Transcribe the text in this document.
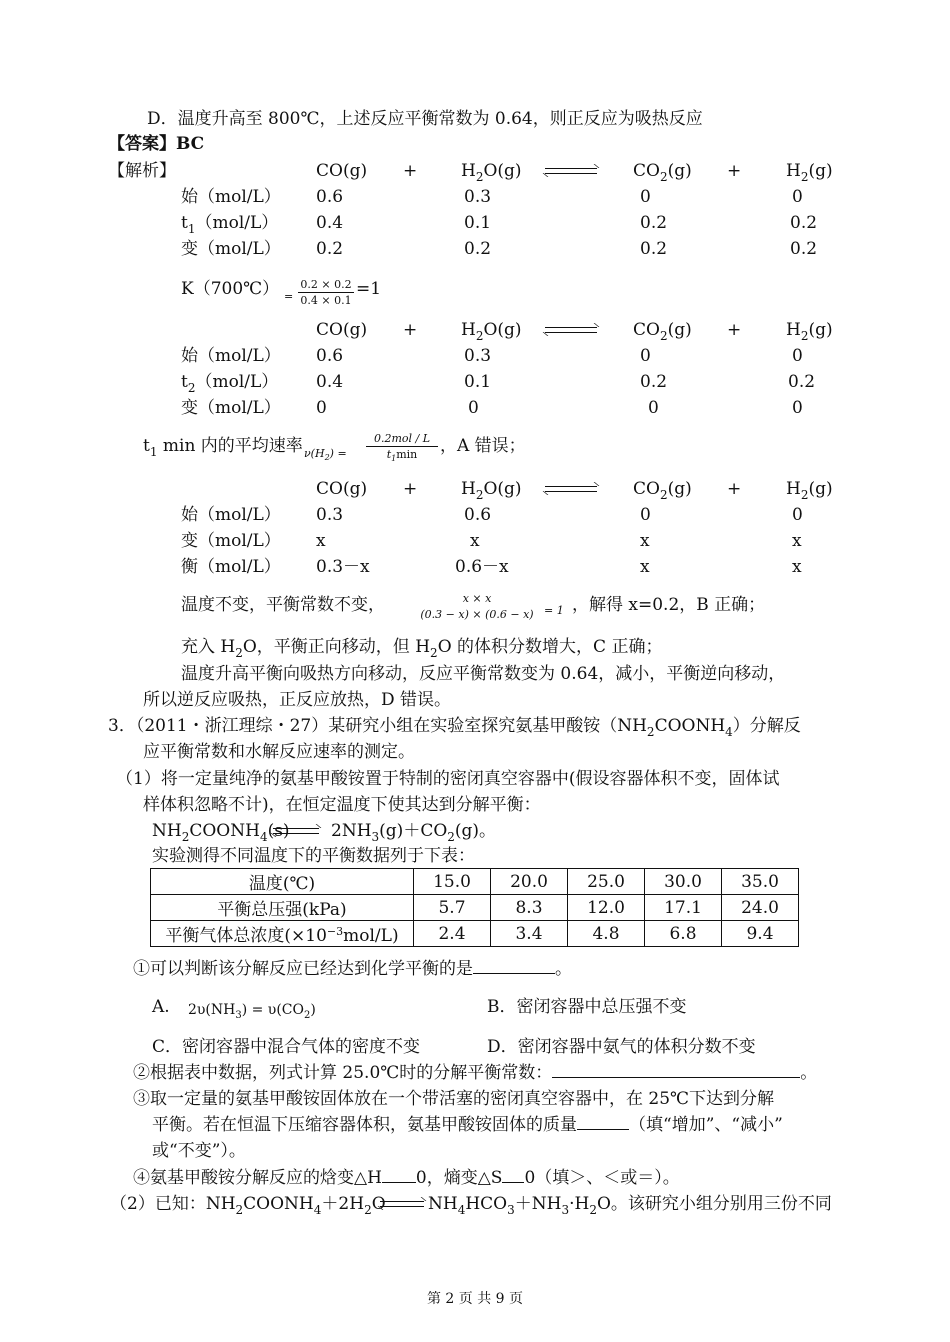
D．温度升高至 800℃，上述反应平衡常数为 0.64，则正反应为吸热反应
【答案】BC
【解析】	CO(g) +	$H_2O(g)$	$CO_2(g)$ +	$H_2(g)$
始（mol/L） 0.6	0.3	0	0
$t_1(mol/L)$ 0.4	0.1	0.2	0.2
变（mol/L） 0.2	0.2	0.2	0.2
K（700℃） =
0.2 × 0.2
0.4 × 0.1
=1
CO(g) +	$H_2O(g)$	$CO_2(g)$ +	$H_2(g)$
始（mol/L） 0.6	0.3	0	0
$t_2(mol/L)$ 0.4	0.1	0.2	0.2
变（mol/L） 0	0	0	0
$t_1$ min 内的平均速率 $\nu(H_2)$ =
0.2mol / L
$t_1\min$	，A 错误；
CO(g) +	$H_2O(g)$	$CO_2(g)$ +	$H_2(g)$
始（mol/L） 0.3	0.6	0	0
变（mol/L） x	x	x	x
衡（mol/L） 0.3－x	0.6－x	x	x
温度不变，平衡常数不变，	x × x
(0.3 − x) × (0.6 − x) = 1 ，解得 x=0.2，B 正确；
充入 $H_2O$，平衡正向移动，但 $H_2O$ 的体积分数增大，C 正确；
温度升高平衡向吸热方向移动，反应平衡常数变为 0.64，减小，平衡逆向移动，
所以逆反应吸热，正反应放热，D 错误。
3．（2011・浙江理综・27）某研究小组在实验室探究氨基甲酸铵$(NH_2COONH_4)$分解反
应平衡常数和水解反应速率的测定。
（1）将一定量纯净的氨基甲酸铵置于特制的密闭真空容器中(假设容器体积不变，固体试
样体积忽略不计)，在恒定温度下使其达到分解平衡：
$NH_2COONH_4(s)$ $2NH_3(g)+CO_2(g)$。
实验测得不同温度下的平衡数据列于下表：
温度(℃)	15.0	20.0	25.0	30.0	35.0
平衡总压强(kPa)	5.7	8.3	12.0	17.1	24.0
平衡气体总浓度$(\times 10^{-3}mol/L)$	2.4	3.4	4.8	6.8	9.4
①可以判断该分解反应已经达到化学平衡的是	。
A. $2\upsilon(NH_3) = \upsilon(CO_2)$	B．密闭容器中总压强不变
C．密闭容器中混合气体的密度不变	D．密闭容器中氨气的体积分数不变
②根据表中数据，列式计算 25.0℃时的分解平衡常数：	。
③取一定量的氨基甲酸铵固体放在一个带活塞的密闭真空容器中，在 25℃下达到分解
平衡。若在恒温下压缩容器体积，氨基甲酸铵固体的质量	（填“增加”、“减小”
或“不变”）。
④氨基甲酸铵分解反应的焓变△H 0，熵变△S 0（填＞、＜或＝）。
（2）已知：$NH_2COONH_4+2H_2O$ $NH_4HCO_3+NH_3\cdot H_2O$。该研究小组分别用三份不同
第 2 页 共 9 页
